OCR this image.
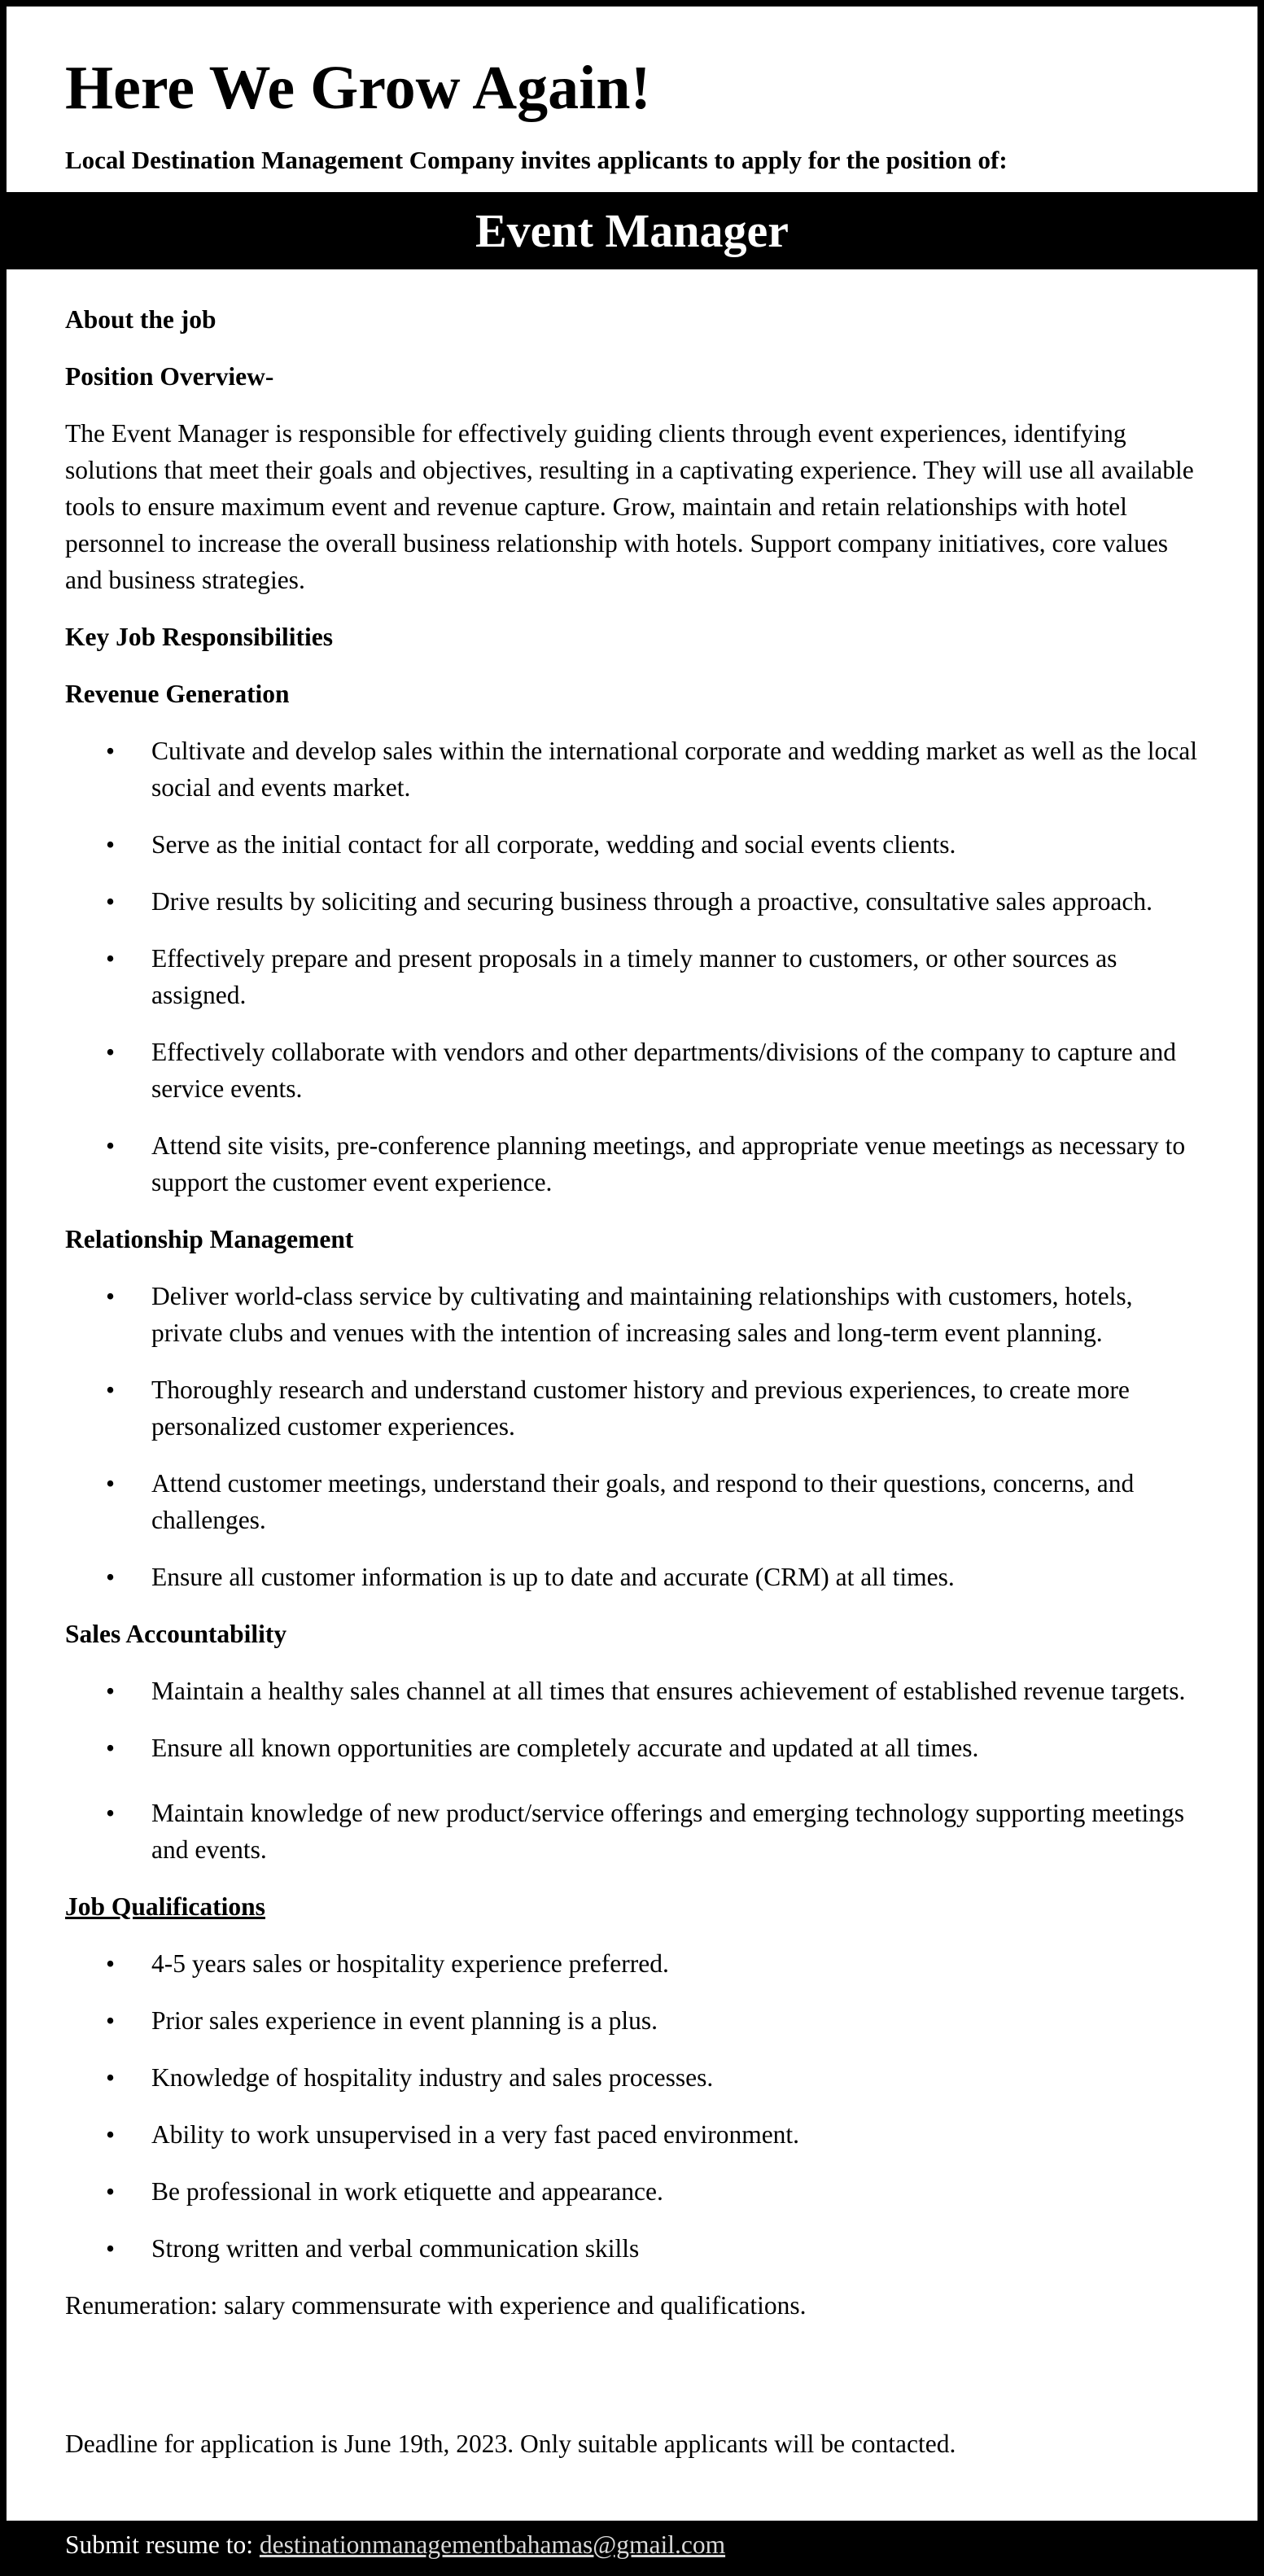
Here We Grow Again!
Local Destination Management Company invites applicants to apply for the position of:
Event Manager
About the job
Position Overview-
The Event Manager is responsible for effectively guiding clients through event experiences, identifying solutions that meet their goals and objectives, resulting in a captivating experience. They will use all available tools to ensure maximum event and revenue capture. Grow, maintain and retain relationships with hotel personnel to increase the overall business relationship with hotels. Support company initiatives, core values and business strategies.
Key Job Responsibilities
Revenue Generation
• Cultivate and develop sales within the international corporate and wedding market as well as the local social and events market.
• Serve as the initial contact for all corporate, wedding and social events clients.
• Drive results by soliciting and securing business through a proactive, consultative sales approach.
• Effectively prepare and present proposals in a timely manner to customers, or other sources as assigned.
• Effectively collaborate with vendors and other departments/divisions of the company to capture and service events.
• Attend site visits, pre-conference planning meetings, and appropriate venue meetings as necessary to support the customer event experience.
Relationship Management
• Deliver world-class service by cultivating and maintaining relationships with customers, hotels, private clubs and venues with the intention of increasing sales and long-term event planning.
• Thoroughly research and understand customer history and previous experiences, to create more personalized customer experiences.
• Attend customer meetings, understand their goals, and respond to their questions, concerns, and challenges.
• Ensure all customer information is up to date and accurate (CRM) at all times.
Sales Accountability
• Maintain a healthy sales channel at all times that ensures achievement of established revenue targets.
• Ensure all known opportunities are completely accurate and updated at all times.
• Maintain knowledge of new product/service offerings and emerging technology supporting meetings and events.
Job Qualifications
• 4-5 years sales or hospitality experience preferred.
• Prior sales experience in event planning is a plus.
• Knowledge of hospitality industry and sales processes.
• Ability to work unsupervised in a very fast paced environment.
• Be professional in work etiquette and appearance.
• Strong written and verbal communication skills
Renumeration: salary commensurate with experience and qualifications.
Deadline for application is June 19th, 2023. Only suitable applicants will be contacted.
Submit resume to: destinationmanagementbahamas@gmail.com
